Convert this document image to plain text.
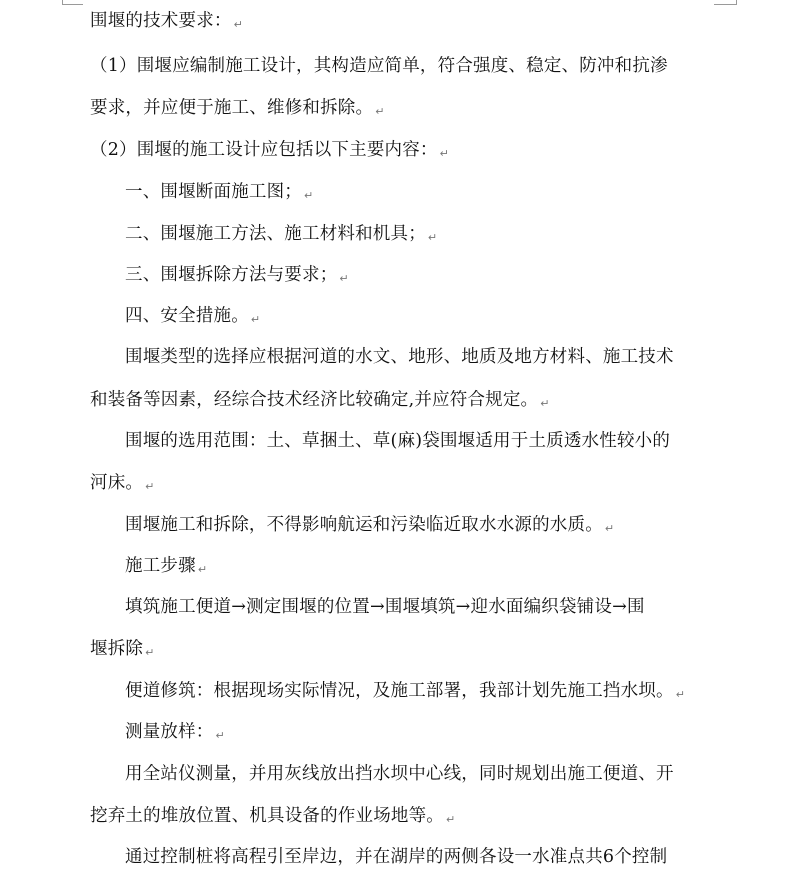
围堰的技术要求： ↵
（1）围堰应编制施工设计，其构造应简单，符合强度、稳定、防冲和抗渗
要求，并应便于施工、维修和拆除。 ↵
（2）围堰的施工设计应包括以下主要内容： ↵
一、围堰断面施工图； ↵
二、围堰施工方法、施工材料和机具； ↵
三、围堰拆除方法与要求； ↵
四、安全措施。 ↵
围堰类型的选择应根据河道的水文、地形、地质及地方材料、施工技术
和装备等因素，经综合技术经济比较确定,并应符合规定。 ↵
围堰的选用范围：土、草捆土、草(麻)袋围堰适用于土质透水性较小的
河床。 ↵
围堰施工和拆除，不得影响航运和污染临近取水水源的水质。 ↵
施工步骤 ↵
填筑施工便道→测定围堰的位置→围堰填筑→迎水面编织袋铺设→围
堰拆除 ↵
便道修筑：根据现场实际情况，及施工部署，我部计划先施工挡水坝。 ↵
测量放样： ↵
用全站仪测量，并用灰线放出挡水坝中心线，同时规划出施工便道、开
挖弃土的堆放位置、机具设备的作业场地等。 ↵
通过控制桩将高程引至岸边，并在湖岸的两侧各设一水准点共6个控制
